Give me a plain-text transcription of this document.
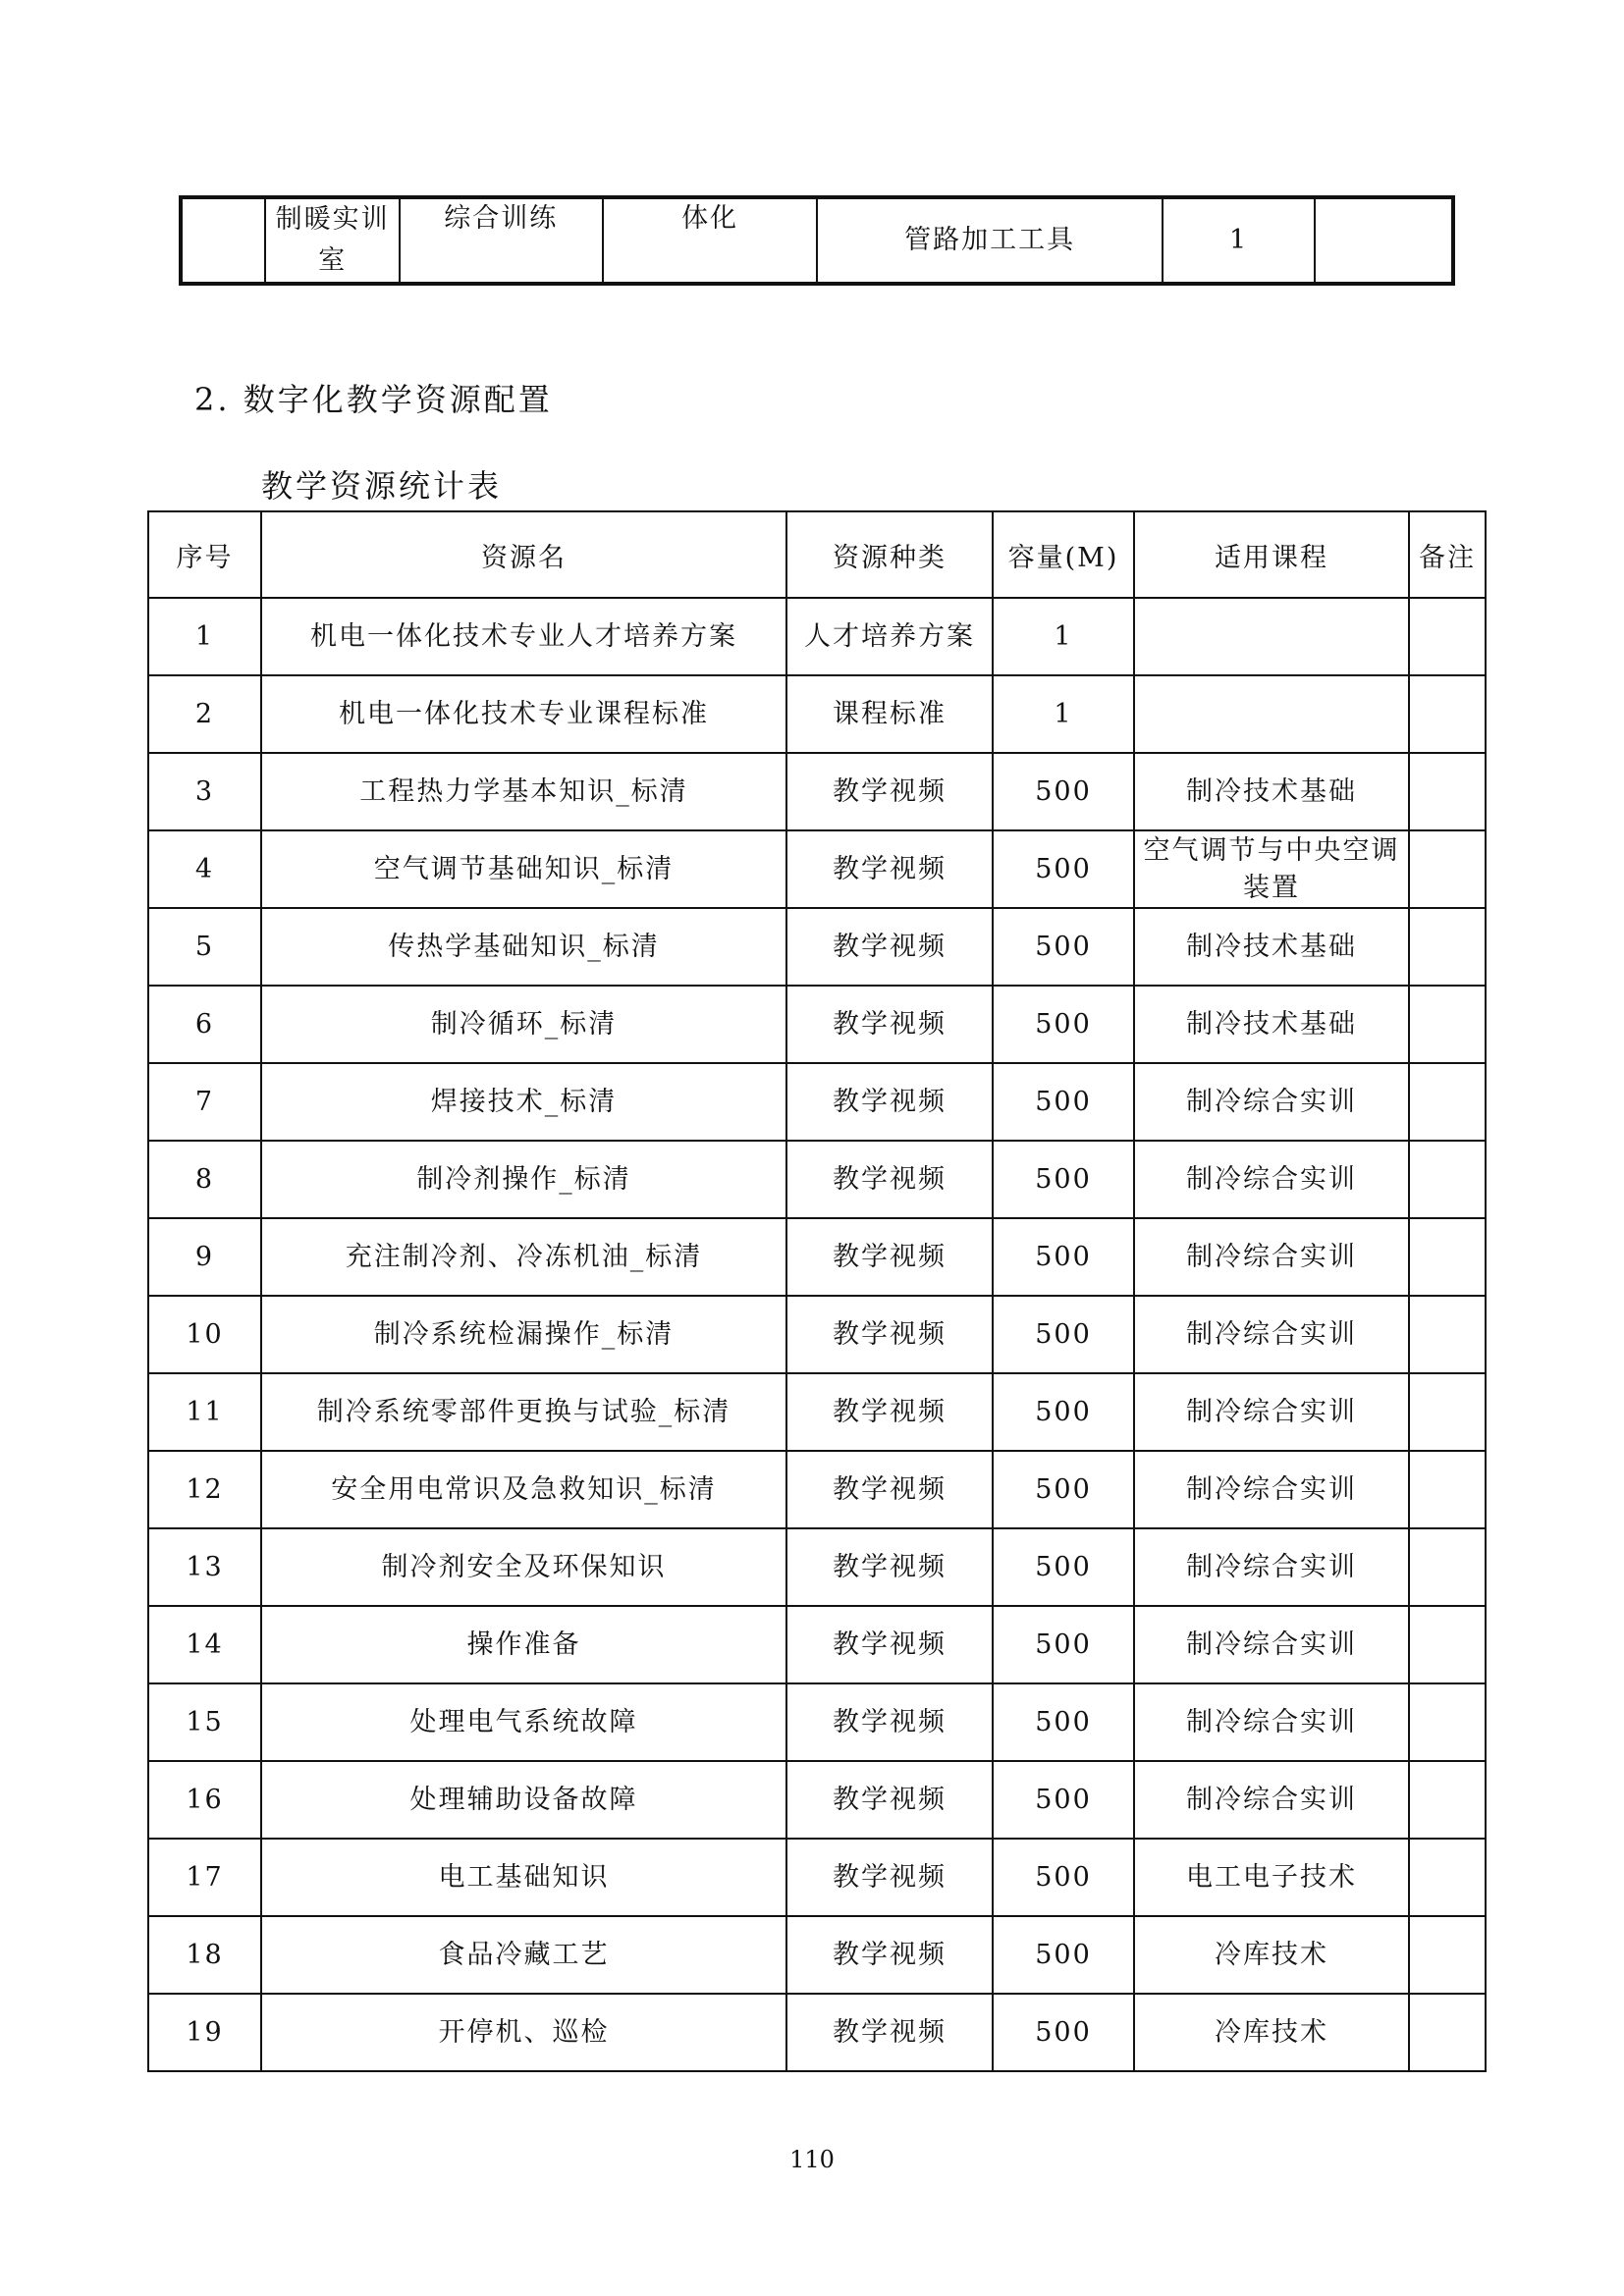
	制暖实训室	综合训练	体化	管路加工工具	1	
2. 数字化教学资源配置
教学资源统计表
序号	资源名	资源种类	容量(M)	适用课程	备注
1	机电一体化技术专业人才培养方案	人才培养方案	1		
2	机电一体化技术专业课程标准	课程标准	1		
3	工程热力学基本知识_标清	教学视频	500	制冷技术基础	
4	空气调节基础知识_标清	教学视频	500	空气调节与中央空调装置	
5	传热学基础知识_标清	教学视频	500	制冷技术基础	
6	制冷循环_标清	教学视频	500	制冷技术基础	
7	焊接技术_标清	教学视频	500	制冷综合实训	
8	制冷剂操作_标清	教学视频	500	制冷综合实训	
9	充注制冷剂、冷冻机油_标清	教学视频	500	制冷综合实训	
10	制冷系统检漏操作_标清	教学视频	500	制冷综合实训	
11	制冷系统零部件更换与试验_标清	教学视频	500	制冷综合实训	
12	安全用电常识及急救知识_标清	教学视频	500	制冷综合实训	
13	制冷剂安全及环保知识	教学视频	500	制冷综合实训	
14	操作准备	教学视频	500	制冷综合实训	
15	处理电气系统故障	教学视频	500	制冷综合实训	
16	处理辅助设备故障	教学视频	500	制冷综合实训	
17	电工基础知识	教学视频	500	电工电子技术	
18	食品冷藏工艺	教学视频	500	冷库技术	
19	开停机、巡检	教学视频	500	冷库技术	
110
